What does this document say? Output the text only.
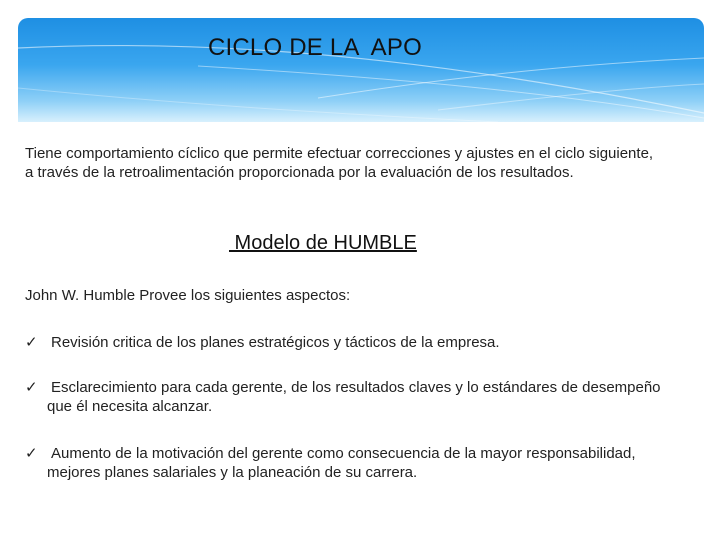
CICLO DE LA  APO
Tiene comportamiento cíclico que permite efectuar correcciones y ajustes en el ciclo siguiente, a través de la retroalimentación proporcionada por la evaluación de los resultados.
Modelo de HUMBLE
John W. Humble Provee los siguientes aspectos:
✓ Revisión critica de los planes estratégicos y tácticos de la empresa.
✓ Esclarecimiento para cada gerente, de los resultados claves y lo estándares de desempeño que él necesita alcanzar.
✓ Aumento de la motivación del gerente como consecuencia de la mayor responsabilidad, mejores planes salariales y la planeación de su carrera.
